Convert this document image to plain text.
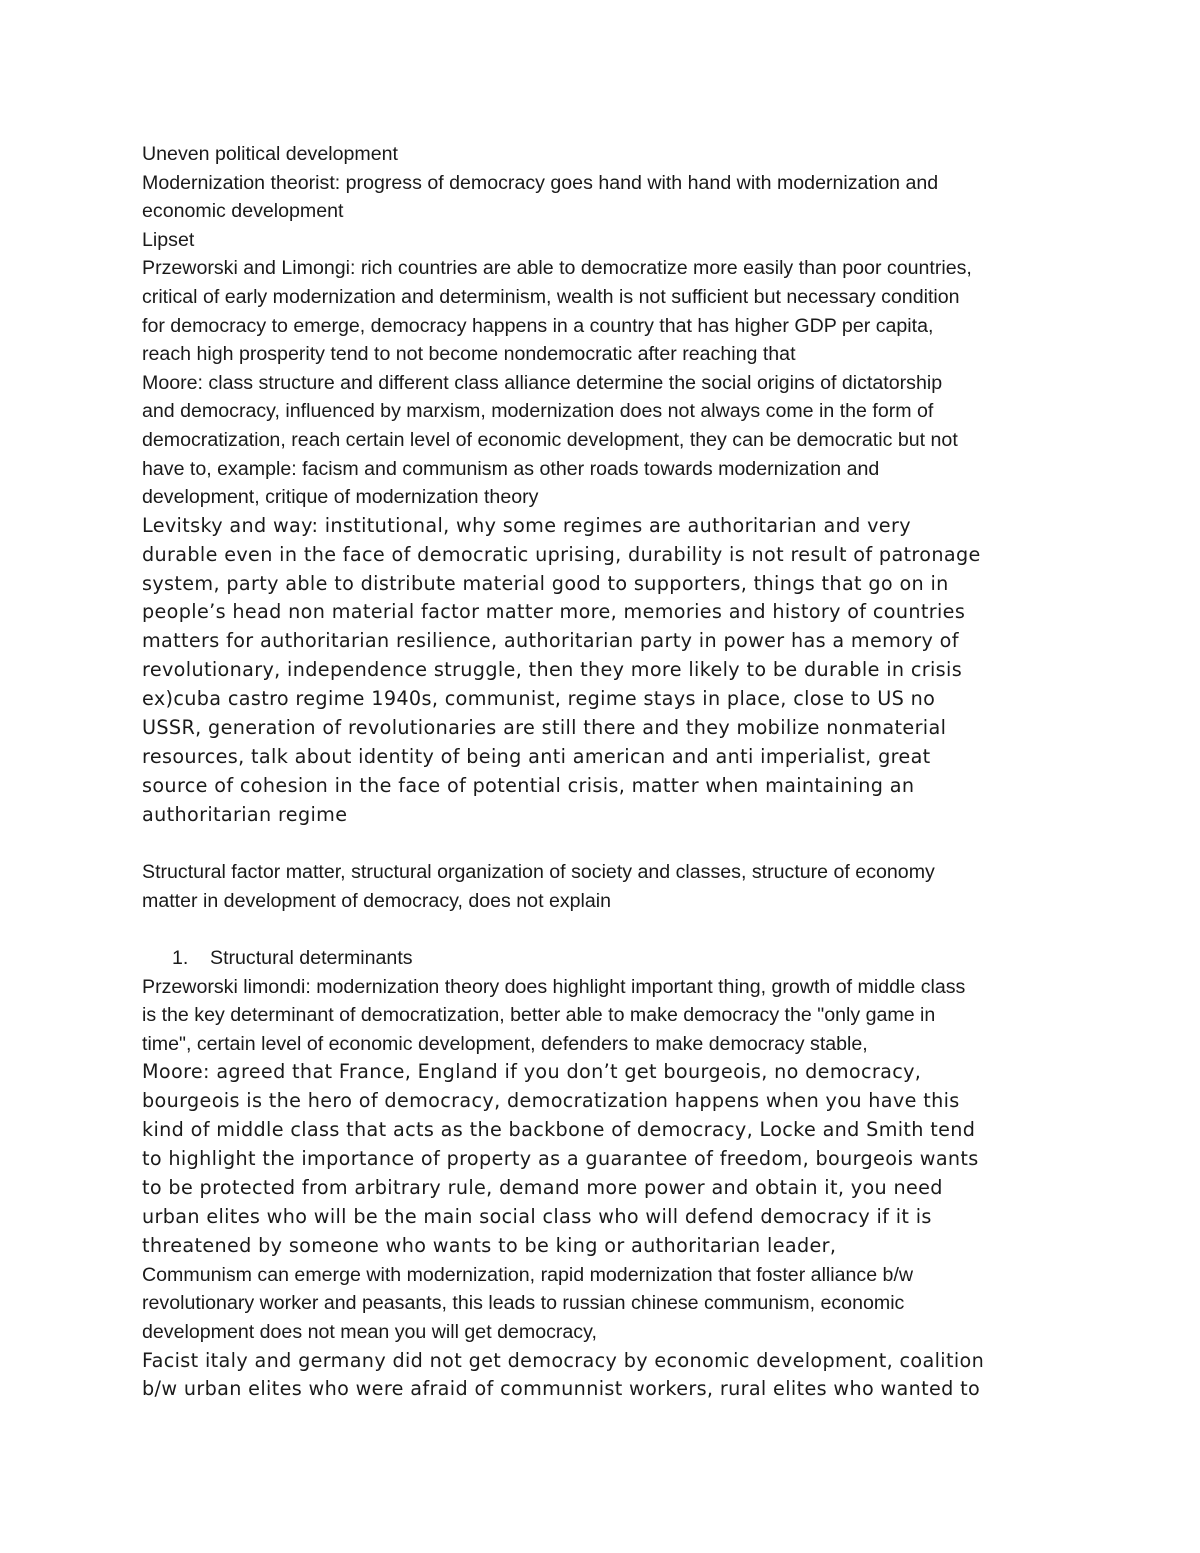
Uneven political development

Modernization theorist: progress of democracy goes hand with hand with modernization and
economic development

Lipset

Przeworski and Limongi: rich countries are able to democratize more easily than poor countries,
critical of early modernization and determinism, wealth is not sufficient but necessary condition
for democracy to emerge, democracy happens in a country that has higher GDP per capita,
reach high prosperity tend to not become nondemocratic after reaching that

Moore: class structure and different class alliance determine the social origins of dictatorship
and democracy, influenced by marxism, modernization does not always come in the form of
democratization, reach certain level of economic development, they can be democratic but not
have to, example: facism and communism as other roads towards modernization and
development, critique of modernization theory

Levitsky and way: institutional, why some regimes are authoritarian and very
durable even in the face of democratic uprising, durability is not result of patronage
system, party able to distribute material good to supporters, things that go on in
people’s head non material factor matter more, memories and history of countries
matters for authoritarian resilience, authoritarian party in power has a memory of
revolutionary, independence struggle, then they more likely to be durable in crisis
ex)cuba castro regime 1940s, communist, regime stays in place, close to US no
USSR, generation of revolutionaries are still there and they mobilize nonmaterial
resources, talk about identity of being anti american and anti imperialist, great
source of cohesion in the face of potential crisis, matter when maintaining an
authoritarian regime

Structural factor matter, structural organization of society and classes, structure of economy
matter in development of democracy, does not explain

1.	Structural determinants

Przeworski limondi: modernization theory does highlight important thing, growth of middle class
is the key determinant of democratization, better able to make democracy the "only game in
time", certain level of economic development, defenders to make democracy stable,

Moore: agreed that France, England if you don’t get bourgeois, no democracy,
bourgeois is the hero of democracy, democratization happens when you have this
kind of middle class that acts as the backbone of democracy, Locke and Smith tend
to highlight the importance of property as a guarantee of freedom, bourgeois wants
to be protected from arbitrary rule, demand more power and obtain it, you need
urban elites who will be the main social class who will defend democracy if it is
threatened by someone who wants to be king or authoritarian leader,

Communism can emerge with modernization, rapid modernization that foster alliance b/w
revolutionary worker and peasants, this leads to russian chinese communism, economic
development does not mean you will get democracy,

Facist italy and germany did not get democracy by economic development, coalition
b/w urban elites who were afraid of communnist workers, rural elites who wanted to
